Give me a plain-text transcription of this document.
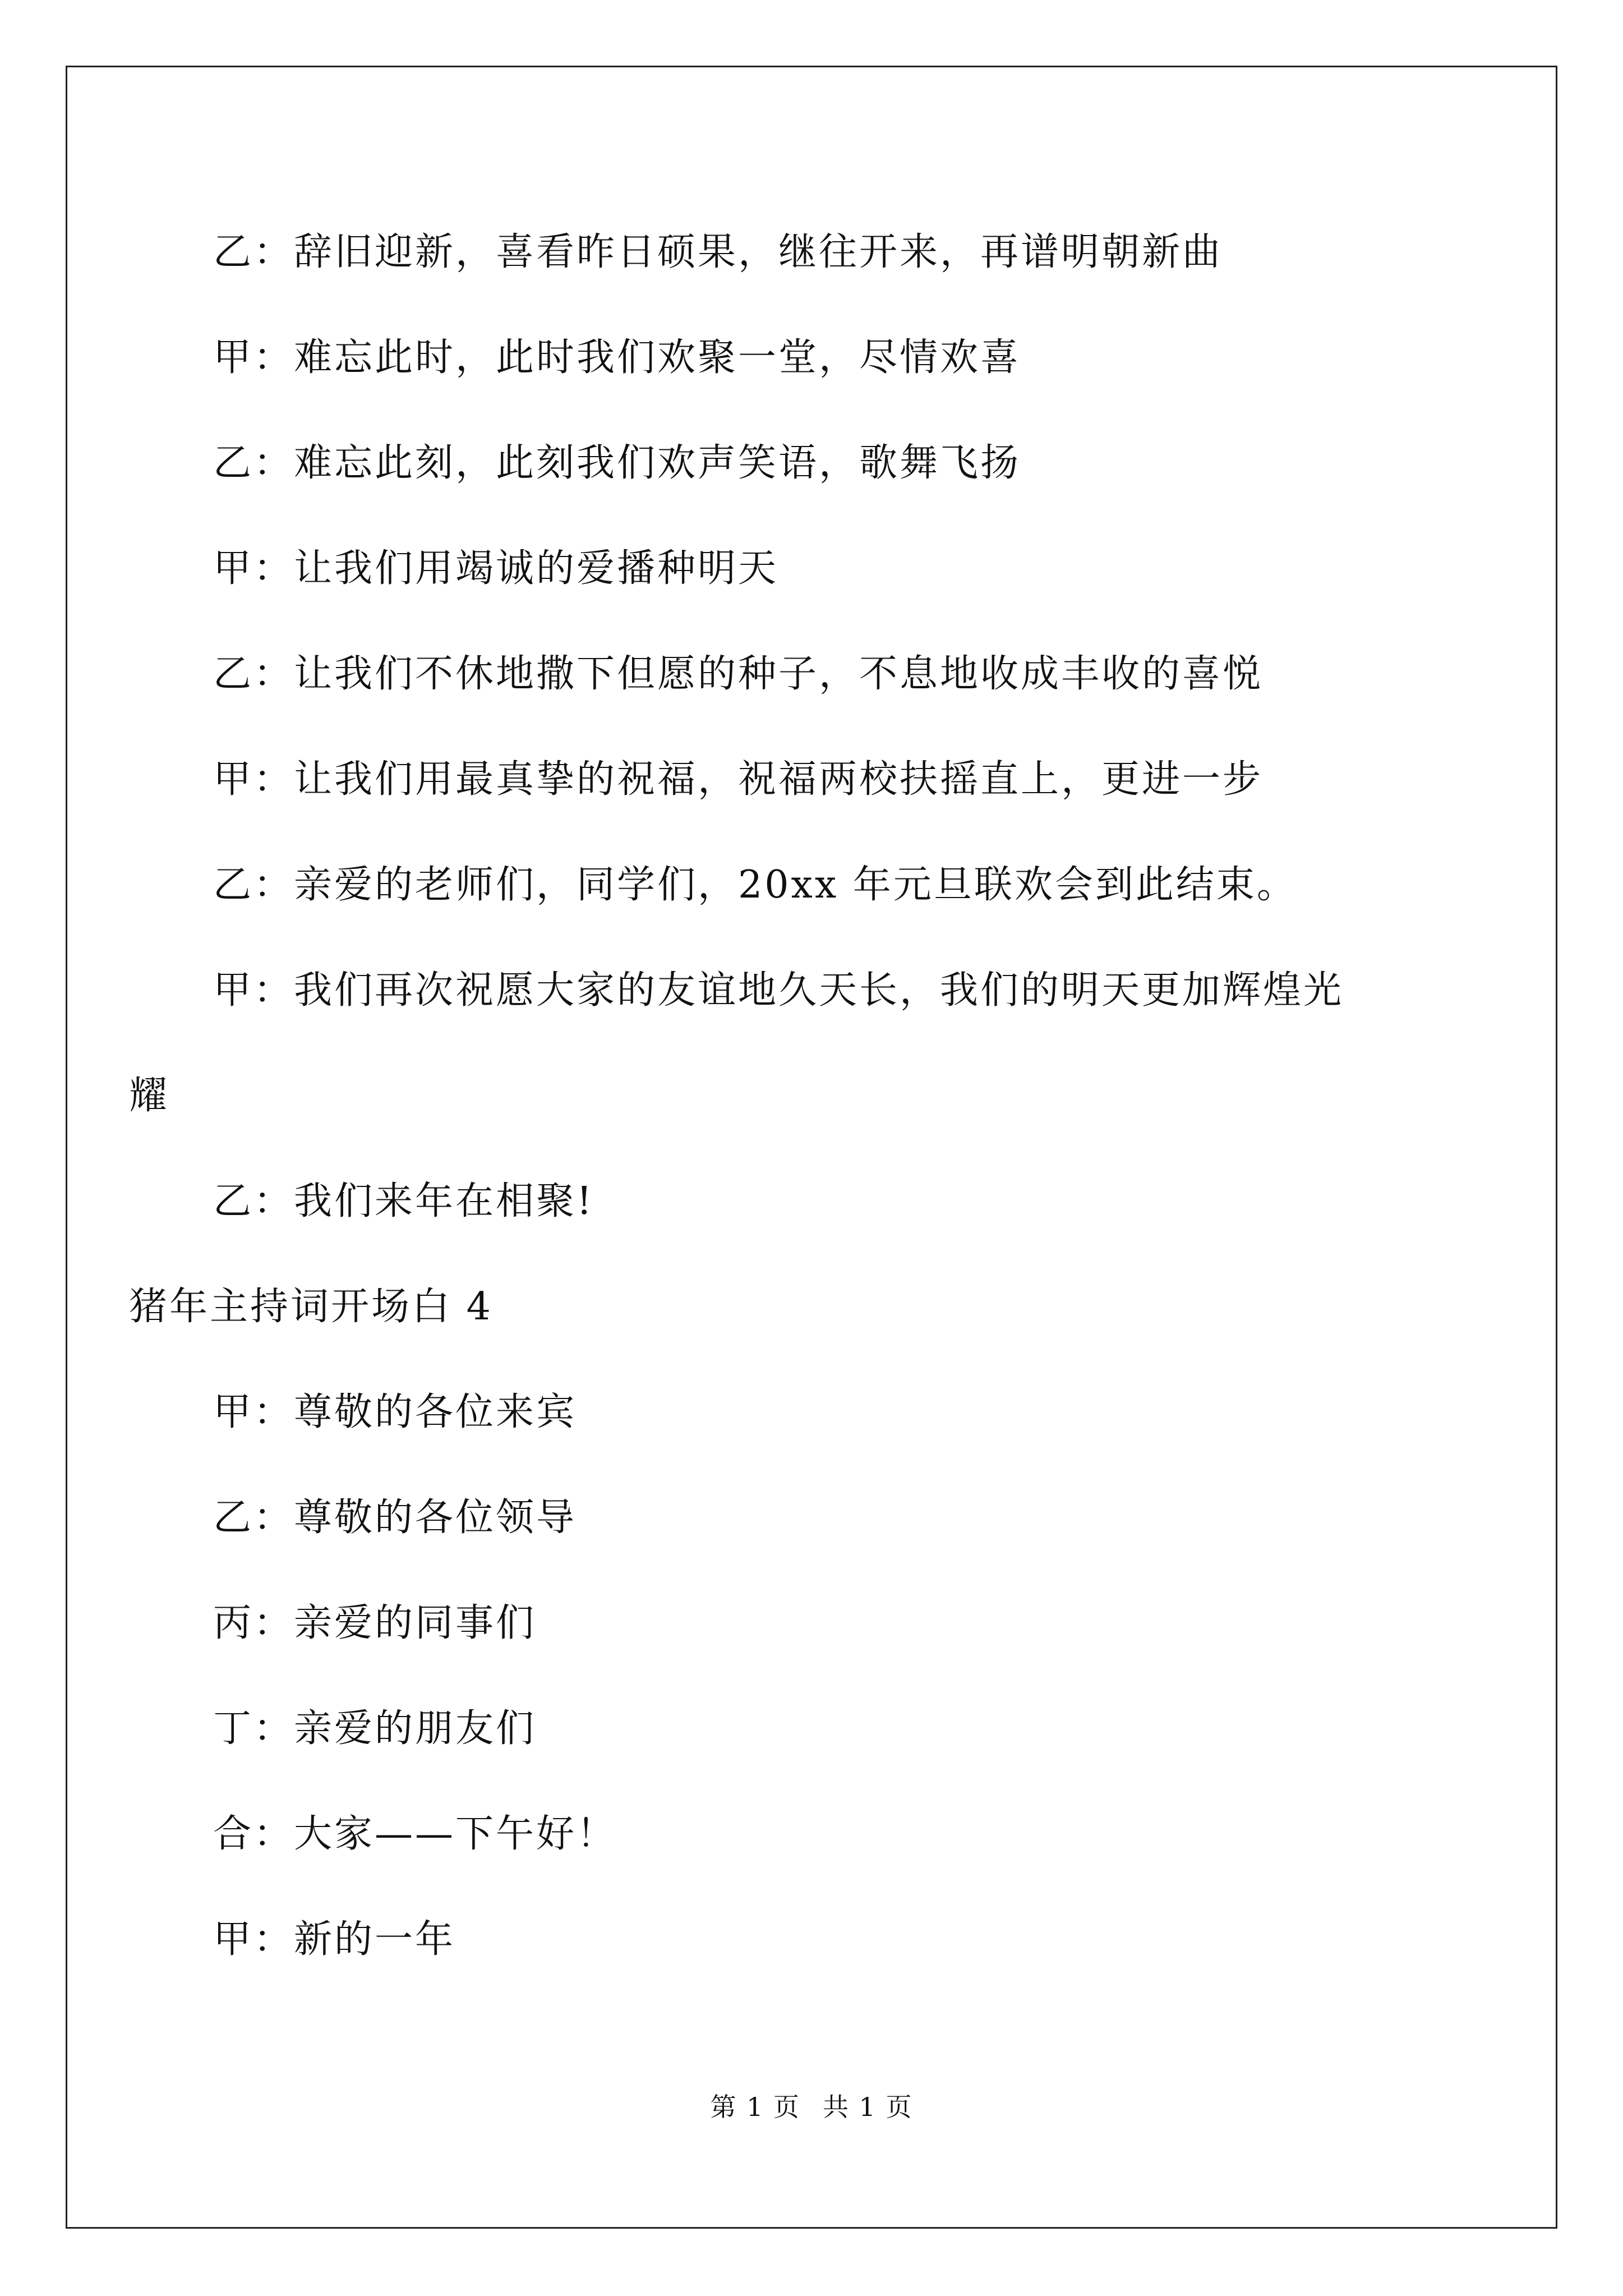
乙：辞旧迎新，喜看昨日硕果，继往开来，再谱明朝新曲
甲：难忘此时，此时我们欢聚一堂，尽情欢喜
乙：难忘此刻，此刻我们欢声笑语，歌舞飞扬
甲：让我们用竭诚的爱播种明天
乙：让我们不休地撒下但愿的种子，不息地收成丰收的喜悦
甲：让我们用最真挚的祝福，祝福两校扶摇直上，更进一步
乙：亲爱的老师们，同学们，20xx 年元旦联欢会到此结束。
甲：我们再次祝愿大家的友谊地久天长，我们的明天更加辉煌光
耀
乙：我们来年在相聚!
猪年主持词开场白 4
甲：尊敬的各位来宾
乙：尊敬的各位领导
丙：亲爱的同事们
丁：亲爱的朋友们
合：大家——下午好！
甲：新的一年
第 1 页 共 1 页
